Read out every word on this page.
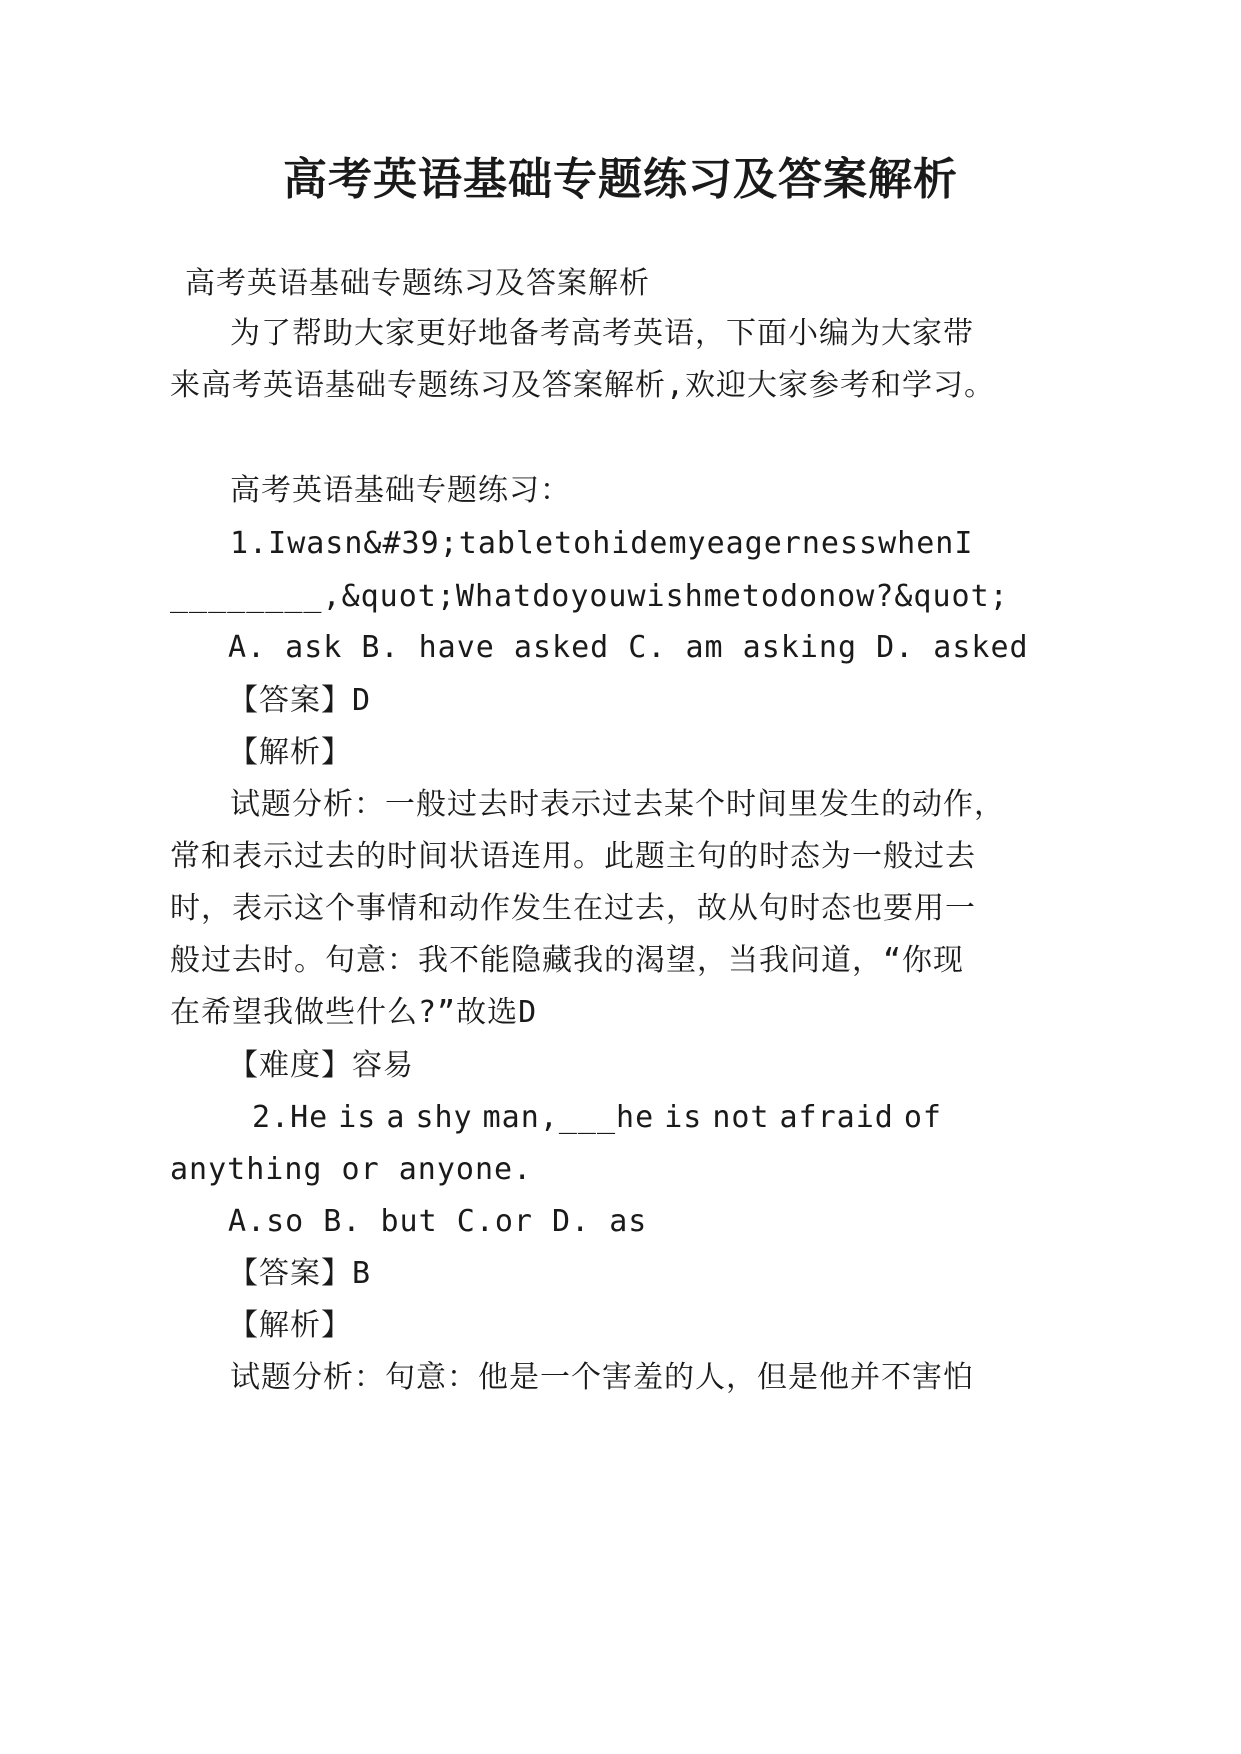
高考英语基础专题练习及答案解析
高考英语基础专题练习及答案解析
为了帮助大家更好地备考高考英语，下面小编为大家带
来高考英语基础专题练习及答案解析,欢迎大家参考和学习。
高考英语基础专题练习：
1.I wasn&#39;t able to hide my eagerness when I
________, &quot;What do you wish me to do now?&quot;
A. ask B. have asked C. am asking D. asked
【答案】D
【解析】
试题分析：一般过去时表示过去某个时间里发生的动作，
常和表示过去的时间状语连用。此题主句的时态为一般过去
时，表示这个事情和动作发生在过去，故从句时态也要用一
般过去时。句意：我不能隐藏我的渴望，当我问道，“你现
在希望我做些什么?”故选D
【难度】容易
2.He is a shy man,___he is not afraid of
anything or anyone.
A.so B. but C.or D. as
【答案】B
【解析】
试题分析：句意：他是一个害羞的人，但是他并不害怕
